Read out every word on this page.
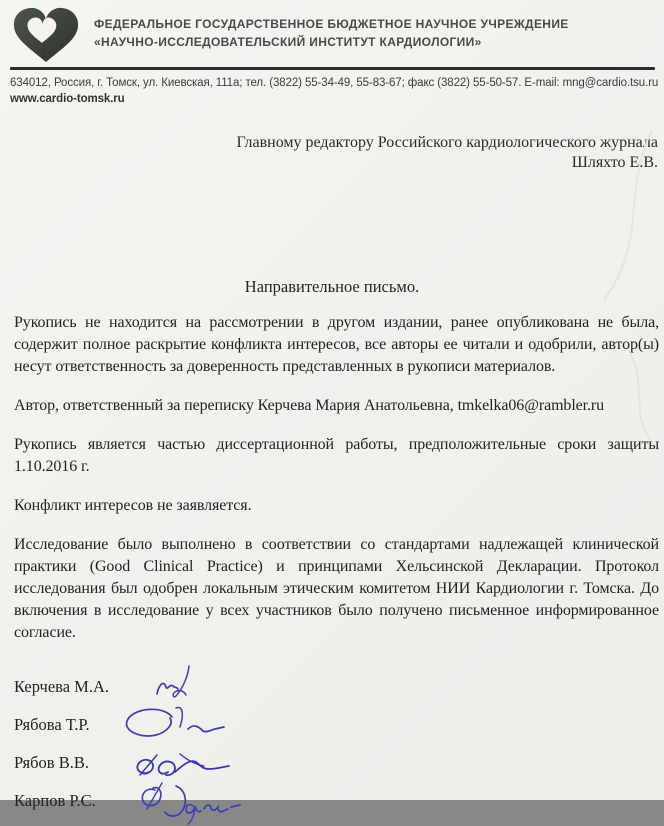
ФЕДЕРАЛЬНОЕ ГОСУДАРСТВЕННОЕ БЮДЖЕТНОЕ НАУЧНОЕ УЧРЕЖДЕНИЕ
«НАУЧНО-ИССЛЕДОВАТЕЛЬСКИЙ ИНСТИТУТ КАРДИОЛОГИИ»
634012, Россия, г. Томск, ул. Киевская, 111а; тел. (3822) 55-34-49, 55-83-67; факс (3822) 55-50-57. E-mail: mng@cardio.tsu.ru
www.cardio-tomsk.ru
Главному редактору Российского кардиологического журнала
Шляхто Е.В.
Направительное письмо.

Рукопись не находится на рассмотрении в другом издании, ранее опубликована не была, содержит полное раскрытие конфликта интересов, все авторы ее читали и одобрили, автор(ы) несут ответственность за доверенность представленных в рукописи материалов.

Автор, ответственный за переписку Керчева Мария Анатольевна, tmkelka06@rambler.ru

Рукопись является частью диссертационной работы, предположительные сроки защиты 1.10.2016 г.

Конфликт интересов не заявляется.

Исследование было выполнено в соответствии со стандартами надлежащей клинической практики (Good Clinical Practice) и принципами Хельсинской Декларации. Протокол исследования был одобрен локальным этическим комитетом НИИ Кардиологии г. Томска. До включения в исследование у всех участников было получено письменное информированное согласие.

Керчева М.А.
Рябова Т.Р.
Рябов В.В.
Карпов Р.С.
